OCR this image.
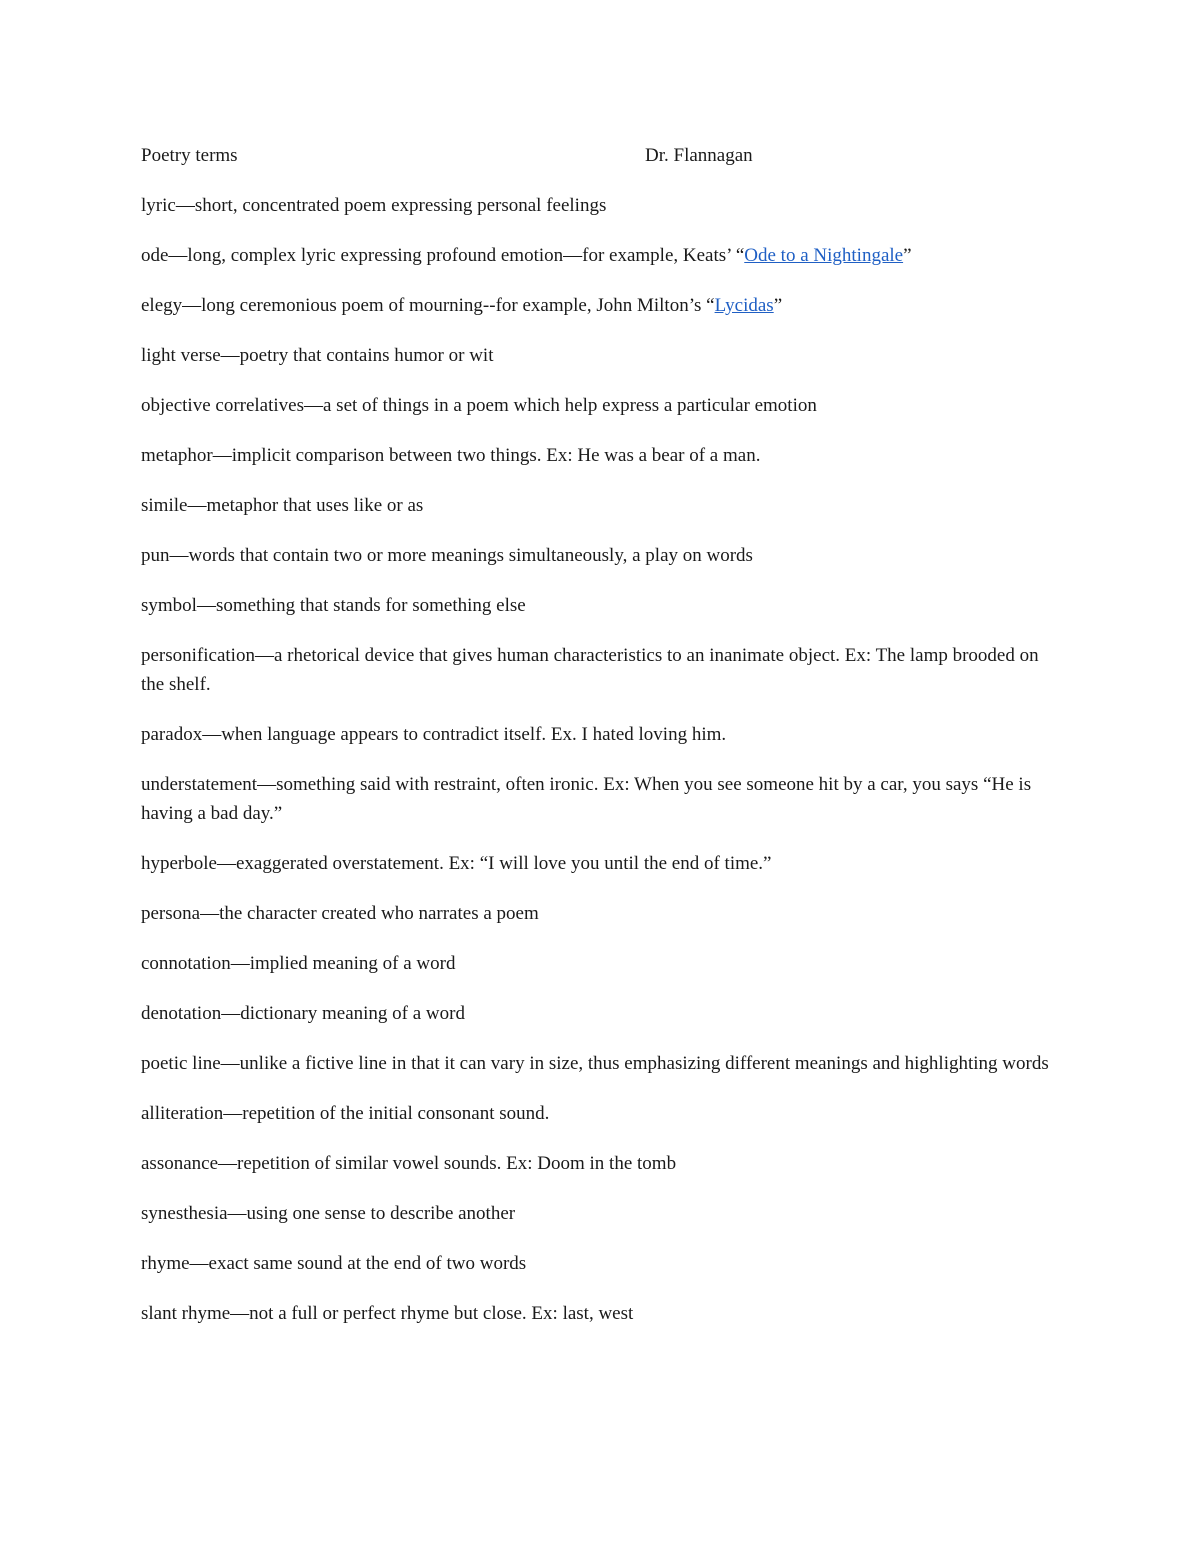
Poetry terms	Dr. Flannagan

lyric—short, concentrated poem expressing personal feelings

ode—long, complex lyric expressing profound emotion—for example, Keats’ “Ode to a Nightingale”

elegy—long ceremonious poem of mourning--for example, John Milton’s “Lycidas”

light verse—poetry that contains humor or wit

objective correlatives—a set of things in a poem which help express a particular emotion

metaphor—implicit comparison between two things. Ex: He was a bear of a man.

simile—metaphor that uses like or as

pun—words that contain two or more meanings simultaneously, a play on words

symbol—something that stands for something else

personification—a rhetorical device that gives human characteristics to an inanimate object. Ex: The lamp brooded on the shelf.

paradox—when language appears to contradict itself. Ex. I hated loving him.

understatement—something said with restraint, often ironic. Ex: When you see someone hit by a car, you says “He is having a bad day.”

hyperbole—exaggerated overstatement. Ex: “I will love you until the end of time.”

persona—the character created who narrates a poem

connotation—implied meaning of a word

denotation—dictionary meaning of a word

poetic line—unlike a fictive line in that it can vary in size, thus emphasizing different meanings and highlighting words

alliteration—repetition of the initial consonant sound.

assonance—repetition of similar vowel sounds. Ex: Doom in the tomb

synesthesia—using one sense to describe another

rhyme—exact same sound at the end of two words

slant rhyme—not a full or perfect rhyme but close. Ex: last, west
